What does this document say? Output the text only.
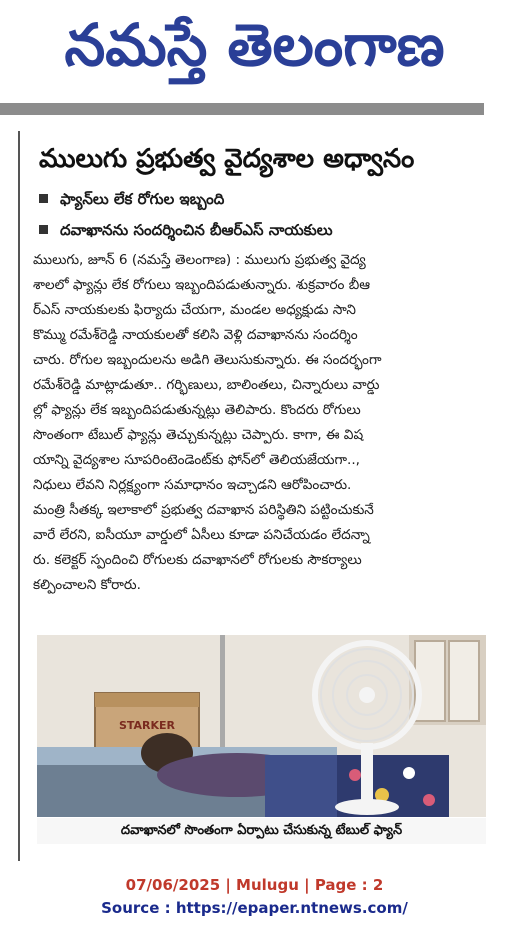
నమస్తే తెలంగాణ
ములుగు ప్రభుత్వ వైద్యశాల అధ్వానం
ఫ్యాన్‌లు లేక రోగుల ఇబ్బంది
దవాఖానను సందర్శించిన బీఆర్‌ఎస్ నాయకులు
ములుగు, జూన్ 6 (నమస్తే తెలంగాణ) : ములుగు ప్రభుత్వ వైద్య
శాలలో ఫ్యాన్లు లేక రోగులు ఇబ్బందిపడుతున్నారు. శుక్రవారం బీఆ
ర్‌ఎస్ నాయకులకు ఫిర్యాదు చేయగా, మండల అధ్యక్షుడు సాని
కొమ్ము రమేశ్‌రెడ్డి నాయకులతో కలిసి వెళ్లి దవాఖానను సందర్శిం
చారు. రోగుల ఇబ్బందులను అడిగి తెలుసుకున్నారు. ఈ సందర్భంగా
రమేశ్‌రెడ్డి మాట్లాడుతూ.. గర్భిణులు, బాలింతలు, చిన్నారులు వార్డు
ల్లో ఫ్యాన్లు లేక ఇబ్బందిపడుతున్నట్లు తెలిపారు. కొందరు రోగులు
సొంతంగా టేబుల్ ఫ్యాన్లు తెచ్చుకున్నట్లు చెప్పారు. కాగా, ఈ విష
యాన్ని వైద్యశాల సూపరింటెండెంట్‌కు ఫోన్‌లో తెలియజేయగా..,
నిధులు లేవని నిర్లక్ష్యంగా సమాధానం ఇచ్చాడని ఆరోపించారు.
మంత్రి సీతక్క ఇలాకాలో ప్రభుత్వ దవాఖాన పరిస్థితిని పట్టించుకునే
వారే లేరని, ఐసీయూ వార్డులో ఏసీలు కూడా పనిచేయడం లేదన్నా
రు. కలెక్టర్ స్పందించి రోగులకు దవాఖానలో రోగులకు సౌకర్యాలు
కల్పించాలని కోరారు.
STARKER
దవాఖానలో సొంతంగా ఏర్పాటు చేసుకున్న టేబుల్ ఫ్యాన్
07/06/2025 | Mulugu | Page : 2
Source : https://epaper.ntnews.com/
